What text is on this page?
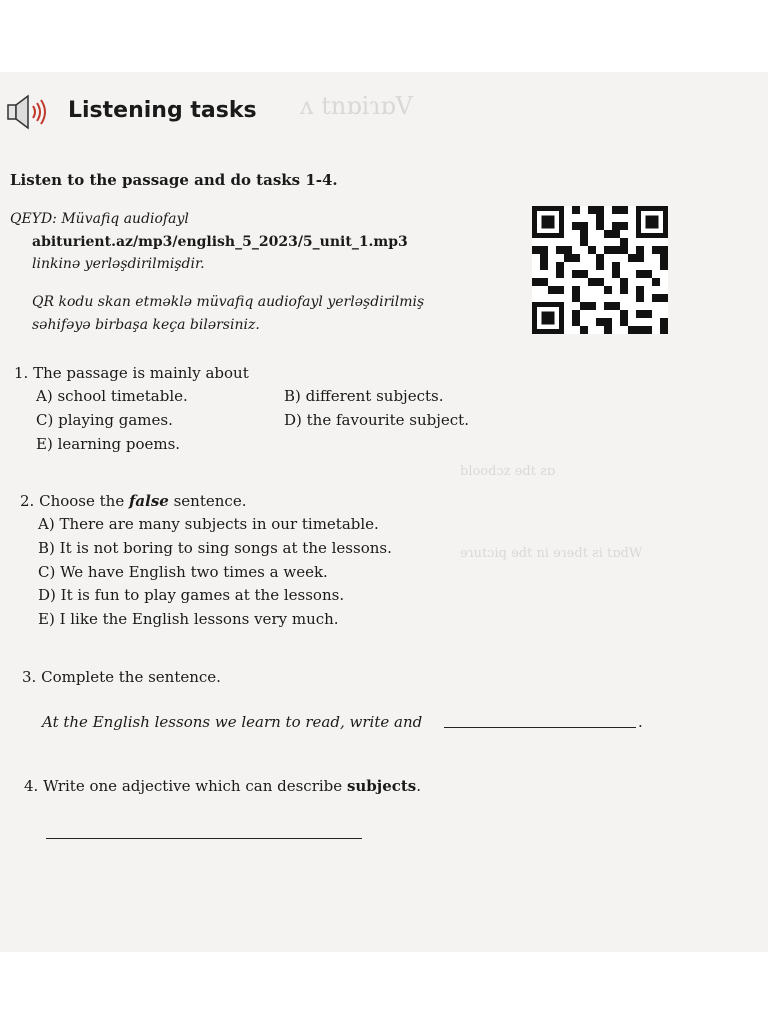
ʌ tnɒiɿɒV
bloodɔz ɘdt ƨɒ
ɘɿutɔiq ɘdt ni ɘɿɘdt ƨi tɒdW
Listening tasks
Listen to the passage and do tasks 1-4.
QEYD: Müvafiq audiofayl
abiturient.az/mp3/english_5_2023/5_unit_1.mp3
linkinə yerləşdirilmişdir.
QR kodu skan etməklə müvafiq audiofayl yerləşdirilmiş
səhifəyə birbaşa keça bilərsiniz.
1. The passage is mainly about
A) school timetable.	B) different subjects.
C) playing games.	D) the favourite subject.
E) learning poems.
2. Choose the false sentence.
A) There are many subjects in our timetable.
B) It is not boring to sing songs at the lessons.
C) We have English two times a week.
D) It is fun to play games at the lessons.
E) I like the English lessons very much.
3. Complete the sentence.
At the English lessons we learn to read, write and	.
4. Write one adjective which can describe subjects.
